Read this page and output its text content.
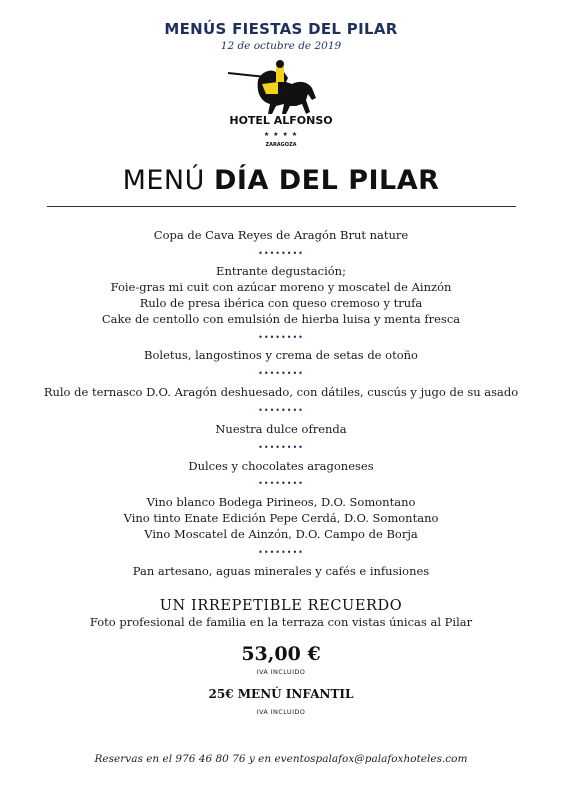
MENÚS FIESTAS DEL PILAR
12 de octubre de 2019
HOTEL ALFONSO
★ ★ ★ ★
ZARAGOZA
MENÚ DÍA DEL PILAR
Copa de Cava Reyes de Aragón Brut nature
••••••••
Entrante degustación;
Foie-gras mi cuit con azúcar moreno y moscatel de Ainzón
Rulo de presa ibérica con queso cremoso y trufa
Cake de centollo con emulsión de hierba luisa y menta fresca
••••••••
Boletus, langostinos y crema de setas de otoño
••••••••
Rulo de ternasco D.O. Aragón deshuesado, con dátiles, cuscús y jugo de su asado
••••••••
Nuestra dulce ofrenda
••••••••
Dulces y chocolates aragoneses
••••••••
Vino blanco Bodega Pirineos, D.O. Somontano
Vino tinto Enate Edición Pepe Cerdá, D.O. Somontano
Vino Moscatel de Ainzón, D.O. Campo de Borja
••••••••
Pan artesano, aguas minerales y cafés e infusiones
UN IRREPETIBLE RECUERDO
Foto profesional de familia en la terraza con vistas únicas al Pilar
53,00 €
IVA INCLUIDO
25€ MENÚ INFANTIL
IVA INCLUIDO
Reservas en el 976 46 80 76 y en eventospalafox@palafoxhoteles.com
